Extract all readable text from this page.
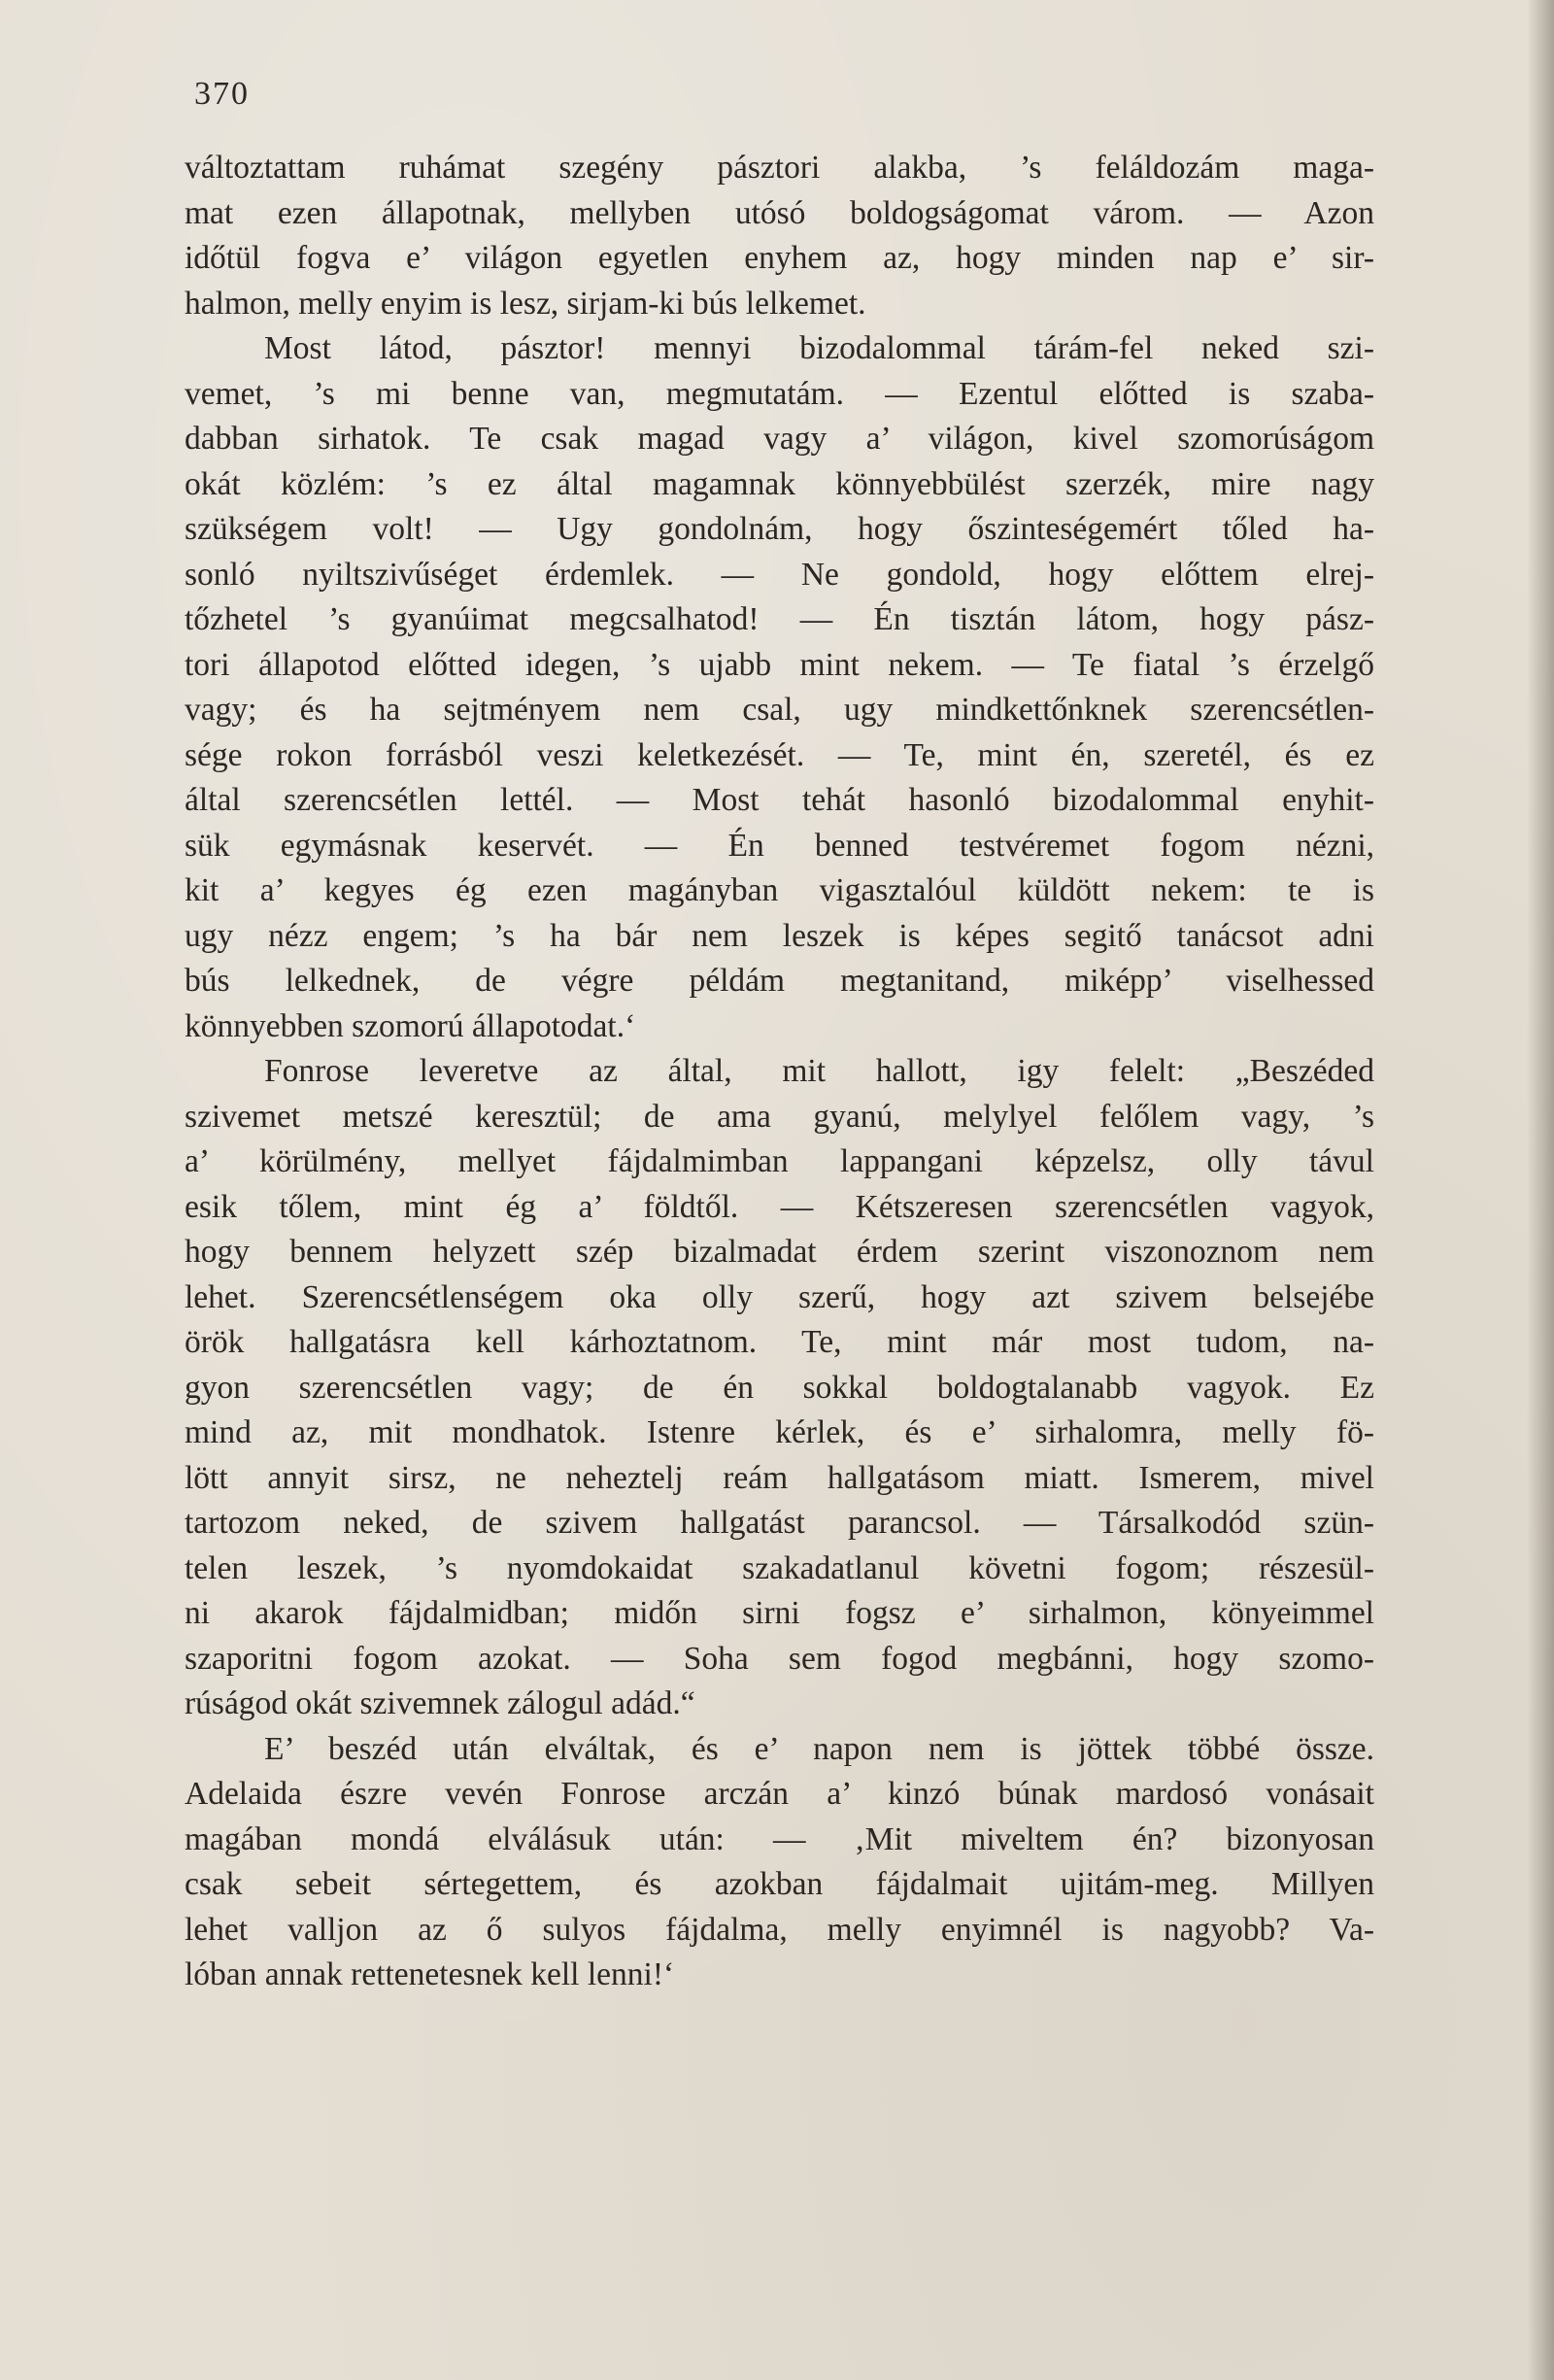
370
változtattam ruhámat szegény pásztori alakba, ’s feláldozám maga-
mat ezen állapotnak, mellyben utósó boldogságomat várom. — Azon
időtül fogva e’ világon egyetlen enyhem az, hogy minden nap e’ sir-
halmon, melly enyim is lesz, sirjam-ki bús lelkemet.
Most látod, pásztor! mennyi bizodalommal tárám-fel neked szi-
vemet, ’s mi benne van, megmutatám. — Ezentul előtted is szaba-
dabban sirhatok. Te csak magad vagy a’ világon, kivel szomorúságom
okát közlém: ’s ez által magamnak könnyebbülést szerzék, mire nagy
szükségem volt! — Ugy gondolnám, hogy őszinteségemért tőled ha-
sonló nyiltszivűséget érdemlek. — Ne gondold, hogy előttem elrej-
tőzhetel ’s gyanúimat megcsalhatod! — Én tisztán látom, hogy pász-
tori állapotod előtted idegen, ’s ujabb mint nekem. — Te fiatal ’s érzelgő
vagy; és ha sejtményem nem csal, ugy mindkettőnknek szerencsétlen-
sége rokon forrásból veszi keletkezését. — Te, mint én, szeretél, és ez
által szerencsétlen lettél. — Most tehát hasonló bizodalommal enyhit-
sük egymásnak keservét. — Én benned testvéremet fogom nézni,
kit a’ kegyes ég ezen magányban vigasztalóul küldött nekem: te is
ugy nézz engem; ’s ha bár nem leszek is képes segitő tanácsot adni
bús lelkednek, de végre példám megtanitand, miképp’ viselhessed
könnyebben szomorú állapotodat.‘
Fonrose leveretve az által, mit hallott, igy felelt: „Beszéded
szivemet metszé keresztül; de ama gyanú, melylyel felőlem vagy, ’s
a’ körülmény, mellyet fájdalmimban lappangani képzelsz, olly távul
esik tőlem, mint ég a’ földtől. — Kétszeresen szerencsétlen vagyok,
hogy bennem helyzett szép bizalmadat érdem szerint viszonoznom nem
lehet. Szerencsétlenségem oka olly szerű, hogy azt szivem belsejébe
örök hallgatásra kell kárhoztatnom. Te, mint már most tudom, na-
gyon szerencsétlen vagy; de én sokkal boldogtalanabb vagyok. Ez
mind az, mit mondhatok. Istenre kérlek, és e’ sirhalomra, melly fö-
lött annyit sirsz, ne neheztelj reám hallgatásom miatt. Ismerem, mivel
tartozom neked, de szivem hallgatást parancsol. — Társalkodód szün-
telen leszek, ’s nyomdokaidat szakadatlanul követni fogom; részesül-
ni akarok fájdalmidban; midőn sirni fogsz e’ sirhalmon, könyeimmel
szaporitni fogom azokat. — Soha sem fogod megbánni, hogy szomo-
rúságod okát szivemnek zálogul adád.“
E’ beszéd után elváltak, és e’ napon nem is jöttek többé össze.
Adelaida észre vevén Fonrose arczán a’ kinzó búnak mardosó vonásait
magában mondá elválásuk után: — ‚Mit miveltem én? bizonyosan
csak sebeit sértegettem, és azokban fájdalmait ujitám-meg. Millyen
lehet valljon az ő sulyos fájdalma, melly enyimnél is nagyobb? Va-
lóban annak rettenetesnek kell lenni!‘
